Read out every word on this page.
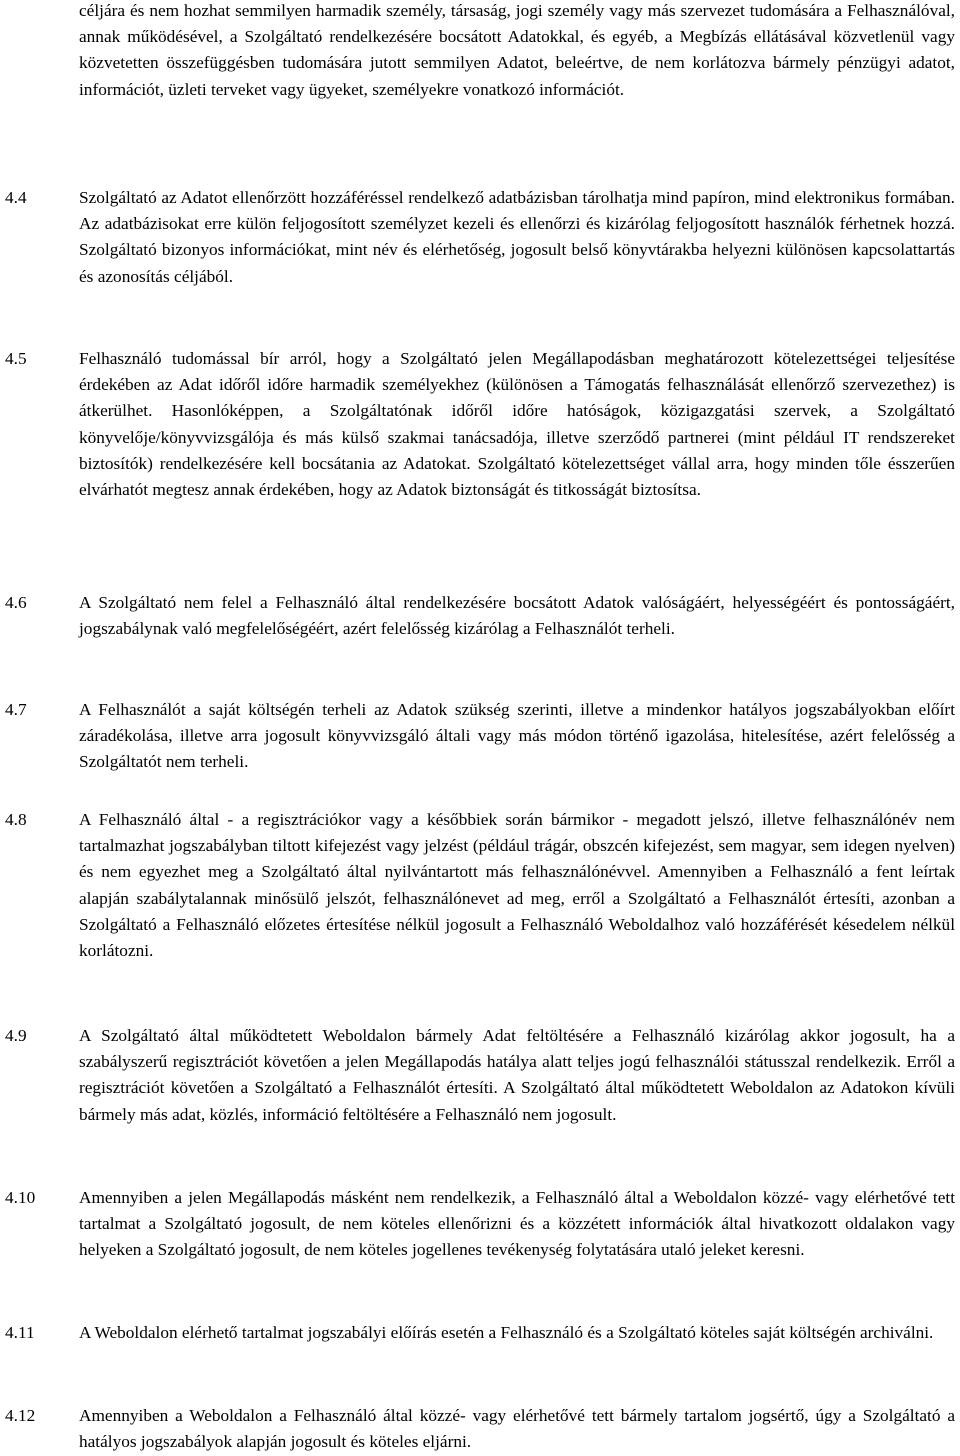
céljára és nem hozhat semmilyen harmadik személy, társaság, jogi személy vagy más szervezet tudomására a Felhasználóval, annak működésével, a Szolgáltató rendelkezésére bocsátott Adatokkal, és egyéb, a Megbízás ellátásával közvetlenül vagy közvetetten összefüggésben tudomására jutott semmilyen Adatot, beleértve, de nem korlátozva bármely pénzügyi adatot, információt, üzleti terveket vagy ügyeket, személyekre vonatkozó információt.
4.4	Szolgáltató az Adatot ellenőrzött hozzáféréssel rendelkező adatbázisban tárolhatja mind papíron, mind elektronikus formában. Az adatbázisokat erre külön feljogosított személyzet kezeli és ellenőrzi és kizárólag feljogosított használók férhetnek hozzá. Szolgáltató bizonyos információkat, mint név és elérhetőség, jogosult belső könyvtárakba helyezni különösen kapcsolattartás és azonosítás céljából.
4.5	Felhasználó tudomással bír arról, hogy a Szolgáltató jelen Megállapodásban meghatározott kötelezettségei teljesítése érdekében az Adat időről időre harmadik személyekhez (különösen a Támogatás felhasználását ellenőrző szervezethez) is átkerülhet. Hasonlóképpen, a Szolgáltatónak időről időre hatóságok, közigazgatási szervek, a Szolgáltató könyvelője/könyvvizsgálója és más külső szakmai tanácsadója, illetve szerződő partnerei (mint például IT rendszereket biztosítók) rendelkezésére kell bocsátania az Adatokat. Szolgáltató kötelezettséget vállal arra, hogy minden tőle ésszerűen elvárhatót megtesz annak érdekében, hogy az Adatok biztonságát és titkosságát biztosítsa.
4.6	A Szolgáltató nem felel a Felhasználó által rendelkezésére bocsátott Adatok valóságáért, helyességéért és pontosságáért, jogszabálynak való megfelelőségéért, azért felelősség kizárólag a Felhasználót terheli.
4.7	A Felhasználót a saját költségén terheli az Adatok szükség szerinti, illetve a mindenkor hatályos jogszabályokban előírt záradékolása, illetve arra jogosult könyvvizsgáló általi vagy más módon történő igazolása, hitelesítése, azért felelősség a Szolgáltatót nem terheli.
4.8	A Felhasználó által - a regisztrációkor vagy a későbbiek során bármikor - megadott jelszó, illetve felhasználónév nem tartalmazhat jogszabályban tiltott kifejezést vagy jelzést (például trágár, obszcén kifejezést, sem magyar, sem idegen nyelven) és nem egyezhet meg a Szolgáltató által nyilvántartott más felhasználónévvel. Amennyiben a Felhasználó a fent leírtak alapján szabálytalannak minősülő jelszót, felhasználónevet ad meg, erről a Szolgáltató a Felhasználót értesíti, azonban a Szolgáltató a Felhasználó előzetes értesítése nélkül jogosult a Felhasználó Weboldalhoz való hozzáférését késedelem nélkül korlátozni.
4.9	A Szolgáltató által működtetett Weboldalon bármely Adat feltöltésére a Felhasználó kizárólag akkor jogosult, ha a szabályszerű regisztrációt követően a jelen Megállapodás hatálya alatt teljes jogú felhasználói státusszal rendelkezik. Erről a regisztrációt követően a Szolgáltató a Felhasználót értesíti. A Szolgáltató által működtetett Weboldalon az Adatokon kívüli bármely más adat, közlés, információ feltöltésére a Felhasználó nem jogosult.
4.10	Amennyiben a jelen Megállapodás másként nem rendelkezik, a Felhasználó által a Weboldalon közzé- vagy elérhetővé tett tartalmat a Szolgáltató jogosult, de nem köteles ellenőrizni és a közzétett információk által hivatkozott oldalakon vagy helyeken a Szolgáltató jogosult, de nem köteles jogellenes tevékenység folytatására utaló jeleket keresni.
4.11	A Weboldalon elérhető tartalmat jogszabályi előírás esetén a Felhasználó és a Szolgáltató köteles saját költségén archiválni.
4.12	Amennyiben a Weboldalon a Felhasználó által közzé- vagy elérhetővé tett bármely tartalom jogsértő, úgy a Szolgáltató a hatályos jogszabályok alapján jogosult és köteles eljárni.
